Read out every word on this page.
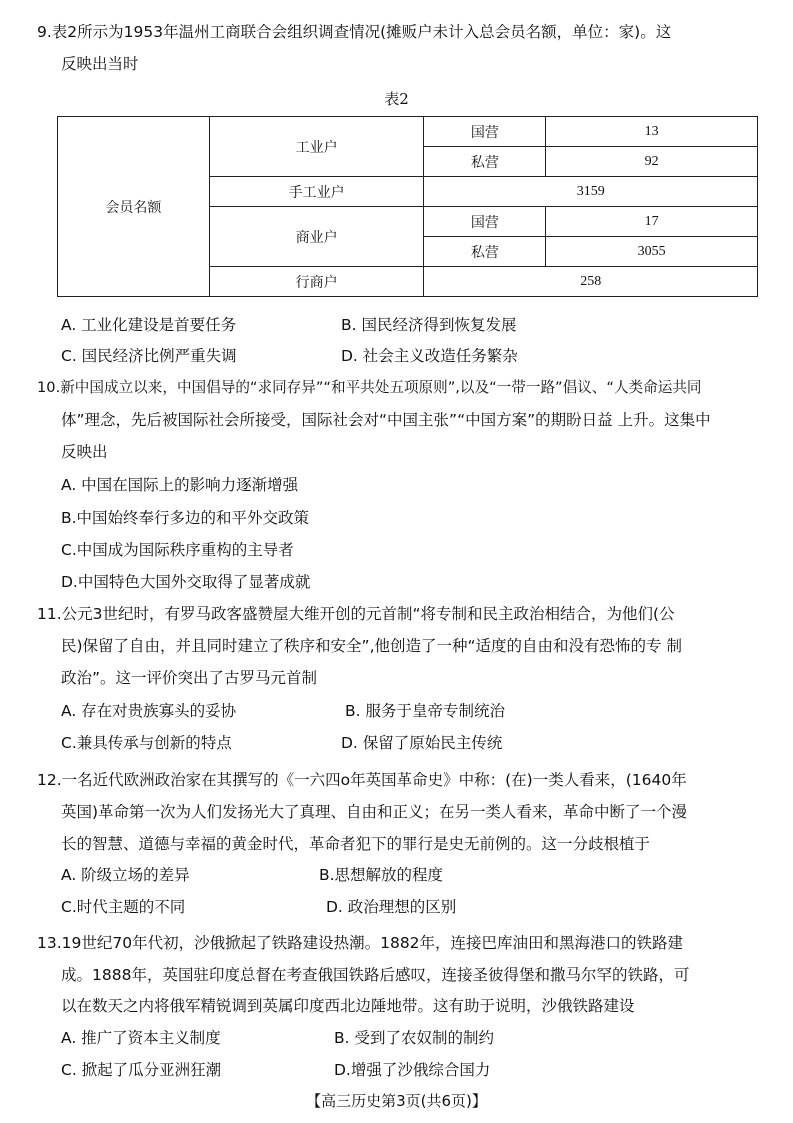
9.表2所示为1953年温州工商联合会组织调查情况(摊贩户未计入总会员名额，单位：家)。这
反映出当时
表2
会员名额	工业户	国营	13
		私营	92
	手工业户	3159	
	商业户	国营	17
		私营	3055
	行商户	258	
A. 工业化建设是首要任务	B. 国民经济得到恢复发展
C. 国民经济比例严重失调	D. 社会主义改造任务繁杂
10.新中国成立以来，中国倡导的“求同存异”“和平共处五项原则”,以及“一带一路”倡议、“人类命运共同
体”理念，先后被国际社会所接受，国际社会对“中国主张”“中国方案”的期盼日益 上升。这集中
反映出
A. 中国在国际上的影响力逐渐增强
B.中国始终奉行多边的和平外交政策
C.中国成为国际秩序重构的主导者
D.中国特色大国外交取得了显著成就
11.公元3世纪时，有罗马政客盛赞屋大维开创的元首制“将专制和民主政治相结合，为他们(公
民)保留了自由，并且同时建立了秩序和安全”,他创造了一种“适度的自由和没有恐怖的专 制
政治”。这一评价突出了古罗马元首制
A. 存在对贵族寡头的妥协	B. 服务于皇帝专制统治
C.兼具传承与创新的特点	D. 保留了原始民主传统
12.一名近代欧洲政治家在其撰写的《一六四o年英国革命史》中称：(在)一类人看来，(1640年
英国)革命第一次为人们发扬光大了真理、自由和正义；在另一类人看来，革命中断了一个漫
长的智慧、道德与幸福的黄金时代，革命者犯下的罪行是史无前例的。这一分歧根植于
A. 阶级立场的差异	B.思想解放的程度
C.时代主题的不同	D. 政治理想的区别
13.19世纪70年代初，沙俄掀起了铁路建设热潮。1882年，连接巴库油田和黑海港口的铁路建
成。1888年，英国驻印度总督在考查俄国铁路后感叹，连接圣彼得堡和撒马尔罕的铁路，可
以在数天之内将俄军精锐调到英属印度西北边陲地带。这有助于说明，沙俄铁路建设
A. 推广了资本主义制度	B. 受到了农奴制的制约
C. 掀起了瓜分亚洲狂潮	D.增强了沙俄综合国力
【高三历史第3页(共6页)】
